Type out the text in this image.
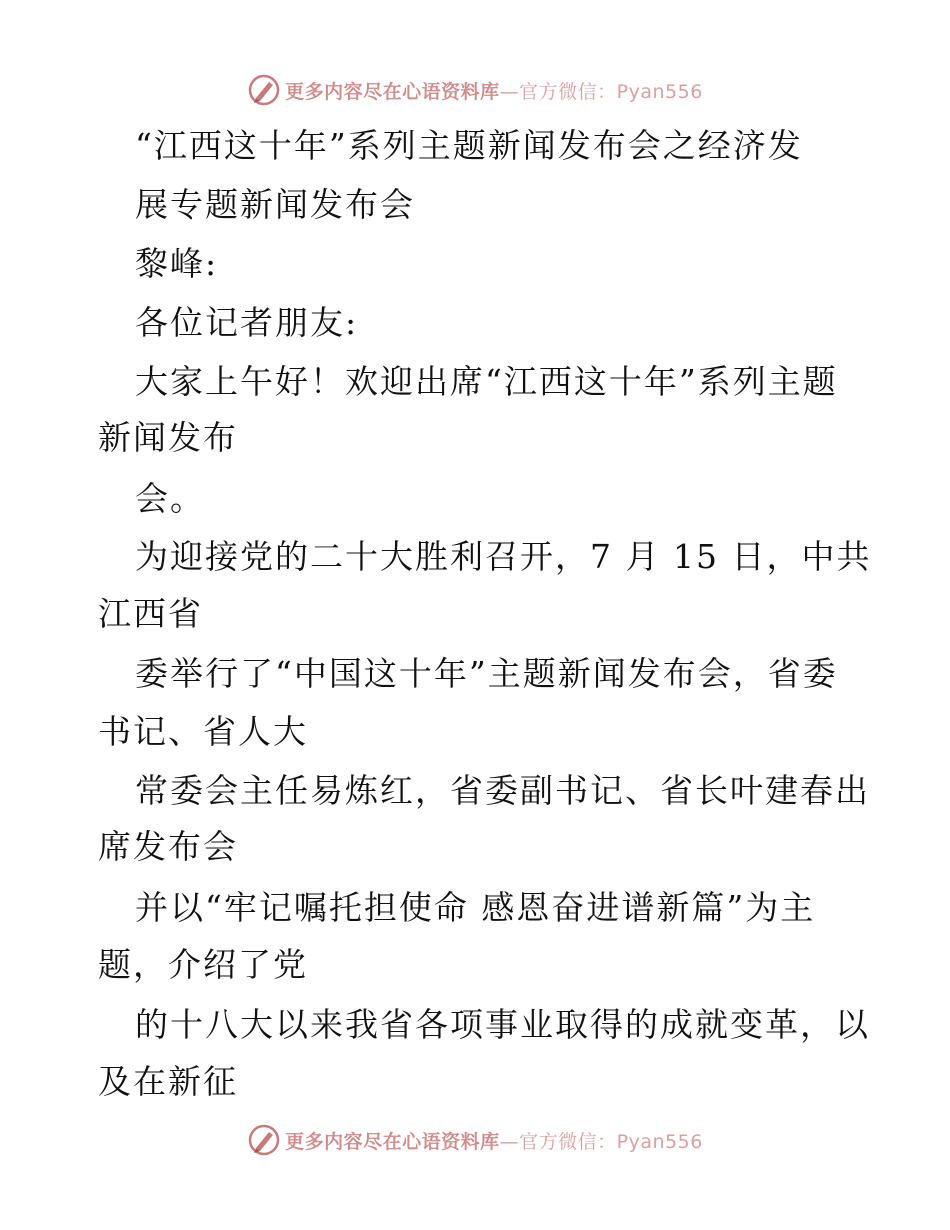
更多内容尽在心语资料库—官方微信：Pyan556
“江西这十年”系列主题新闻发布会之经济发
展专题新闻发布会
黎峰:
各位记者朋友:
大家上午好！欢迎出席“江西这十年”系列主题
新闻发布
会。
为迎接党的二十大胜利召开，7 月 15 日，中共
江西省
委举行了“中国这十年”主题新闻发布会，省委
书记、省人大
常委会主任易炼红，省委副书记、省长叶建春出
席发布会
并以“牢记嘱托担使命 感恩奋进谱新篇”为主
题，介绍了党
的十八大以来我省各项事业取得的成就变革，以
及在新征
更多内容尽在心语资料库—官方微信：Pyan556
